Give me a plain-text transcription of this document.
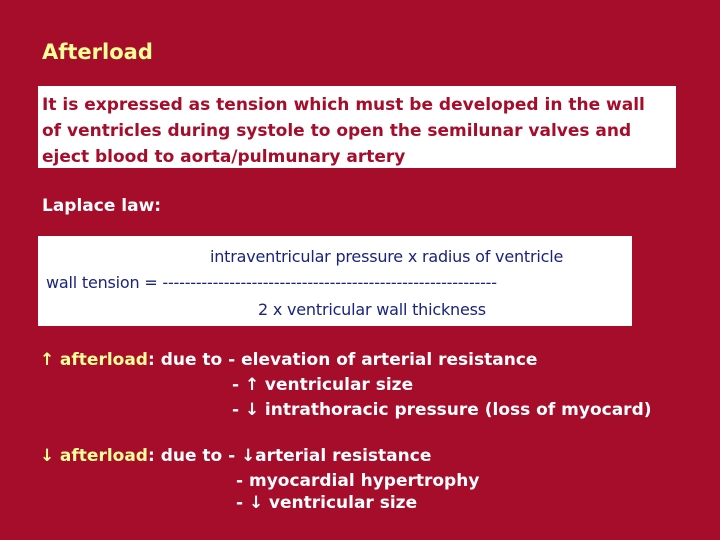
Afterload
It is expressed as tension which must be developed in the wall
of ventricles during systole to open the semilunar valves and
eject blood to aorta/pulmunary artery
Laplace law:
intraventricular pressure x radius of ventricle
wall tension = ------------------------------------------------------------
2 x ventricular wall thickness
↑ afterload: due to - elevation of arterial resistance
- ↑ ventricular size
- ↓ intrathoracic pressure (loss of myocard)
↓ afterload: due to - ↓arterial resistance
- myocardial hypertrophy
- ↓ ventricular size
